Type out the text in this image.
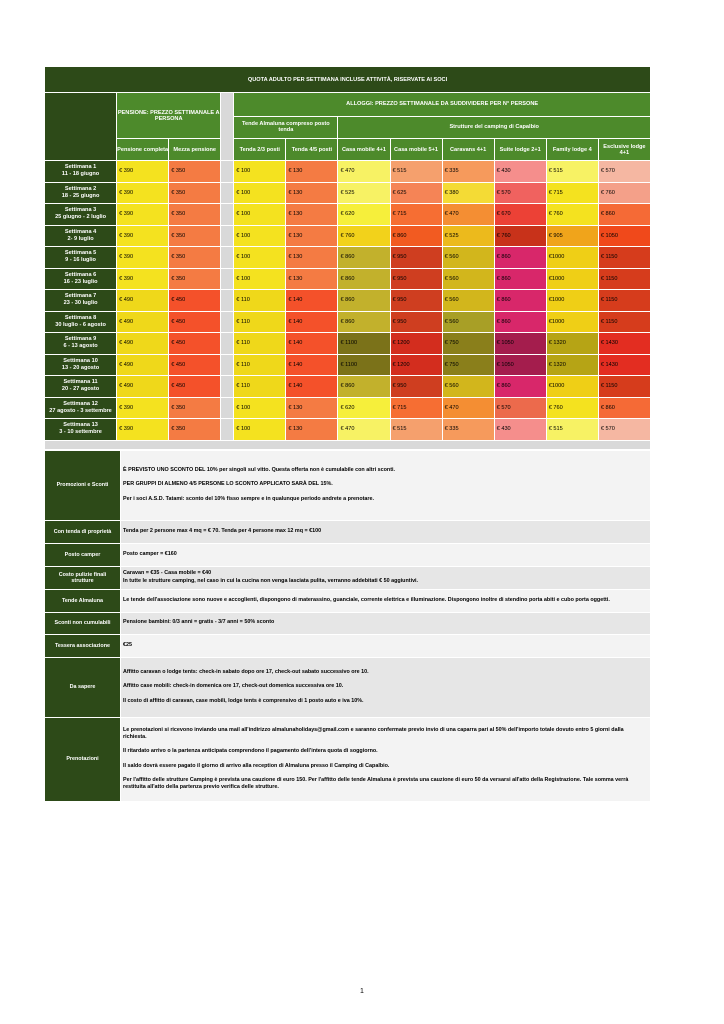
QUOTA ADULTO PER SETTIMANA INCLUSE ATTIVITÀ, RISERVATE AI SOCI											
	PENSIONE: PREZZO SETTIMANALE A PERSONA			ALLOGGI: PREZZO SETTIMANALE DA SUDDIVIDERE PER N° PERSONE							
				Tende Almaluna compreso posto tenda		Strutture del camping di Capalbio					
	Pensione completa	Mezza pensione		Tenda 2/3 posti	Tenda 4/5 posti	Casa mobile 4+1	Casa mobile 5+1	Caravans 4+1	Suite lodge 2+1	Family lodge 4	Esclusive lodge 4+1

Settimana 1
11 - 18 giugno	€ 390	€ 350		€ 100	€ 130	€ 470	€ 515	€ 335	€ 430	€ 515	€ 570

Settimana 2
18 - 25 giugno	€ 390	€ 350		€ 100	€ 130	€ 525	€ 625	€ 380	€ 570	€ 715	€ 760

Settimana 3
25 giugno - 2 luglio	€ 390	€ 350		€ 100	€ 130	€ 620	€ 715	€ 470	€ 670	€ 760	€ 860

Settimana 4
2- 9 luglio	€ 390	€ 350		€ 100	€ 130	€ 760	€ 860	€ 525	€ 760	€ 905	€ 1050

Settimana 5
9 - 16 luglio	€ 390	€ 350		€ 100	€ 130	€ 860	€ 950	€ 560	€ 860	€1000	€ 1150

Settimana 6
16 - 23 luglio	€ 390	€ 350		€ 100	€ 130	€ 860	€ 950	€ 560	€ 860	€1000	€ 1150

Settimana 7
23 - 30 luglio	€ 490	€ 450		€ 110	€ 140	€ 860	€ 950	€ 560	€ 860	€1000	€ 1150

Settimana 8
30 luglio - 6 agosto	€ 490	€ 450		€ 110	€ 140	€ 860	€ 950	€ 560	€ 860	€1000	€ 1150

Settimana 9
6 - 13 agosto	€ 490	€ 450		€ 110	€ 140	€ 1100	€ 1200	€ 750	€ 1050	€ 1320	€ 1430

Settimana 10
13 - 20 agosto	€ 490	€ 450		€ 110	€ 140	€ 1100	€ 1200	€ 750	€ 1050	€ 1320	€ 1430

Settimana 11
20 - 27 agosto	€ 490	€ 450		€ 110	€ 140	€ 860	€ 950	€ 560	€ 860	€1000	€ 1150

Settimana 12
27 agosto - 3 settembre	€ 390	€ 350		€ 100	€ 130	€ 620	€ 715	€ 470	€ 570	€ 760	€ 860

Settimana 13
3 - 10 settembre	€ 390	€ 350		€ 100	€ 130	€ 470	€ 515	€ 335	€ 430	€ 515	€ 570

Promozioni e Sconti	È PREVISTO UNO SCONTO DEL 10% per singoli sul vitto. Questa offerta non è cumulabile con altri sconti.

PER GRUPPI DI ALMENO 4/5 PERSONE LO SCONTO APPLICATO SARÀ DEL 15%.

Per i soci A.S.D. Tatami: sconto del 10% fisso sempre e in qualunque periodo andrete a prenotare.

Con tenda di proprietà	Tenda per 2 persone max 4 mq = € 70. Tenda per 4 persone max 12 mq = €100

Posto camper	Posto camper = €160

Costo pulizie finali strutture	Caravan = €35 - Casa mobile = €40

In tutte le strutture camping, nel caso in cui la cucina non venga lasciata pulita, verranno addebitati € 50 aggiuntivi.

Tende Almaluna	Le tende dell'associazione sono nuove e accoglienti, dispongono di materassino, guanciale, corrente elettrica e illuminazione. Dispongono inoltre di stendino porta abiti e cubo porta oggetti.

Sconti non cumulabili	Pensione bambini: 0/3 anni = gratis - 3/7 anni = 50% sconto

Tessera associazione	€25

Da sapere	Affitto caravan o lodge tents: check-in sabato dopo ore 17, check-out sabato successivo ore 10.

Affitto case mobili: check-in domenica ore 17, check-out domenica successiva ore 10.

Il costo di affitto di caravan, case mobili, lodge tents è comprensivo di 1 posto auto e iva 10%.

Prenotazioni	Le prenotazioni si ricevono inviando una mail all'indirizzo almalunaholidays@gmail.com e saranno confermate previo invio di una caparra pari al 50% dell'importo totale dovuto entro 5 giorni dalla richiesta.

Il ritardato arrivo o la partenza anticipata comprendono il pagamento dell'intera quota di soggiorno.

Il saldo dovrà essere pagato il giorno di arrivo alla reception di Almaluna presso il Camping di Capalbio.

Per l'affitto delle strutture Camping è prevista una cauzione di euro 150. Per l'affitto delle tende Almaluna è prevista una cauzione di euro 50 da versarsi all'atto della Registrazione. Tale somma verrà restituita all'atto della partenza previo verifica delle strutture.

1
